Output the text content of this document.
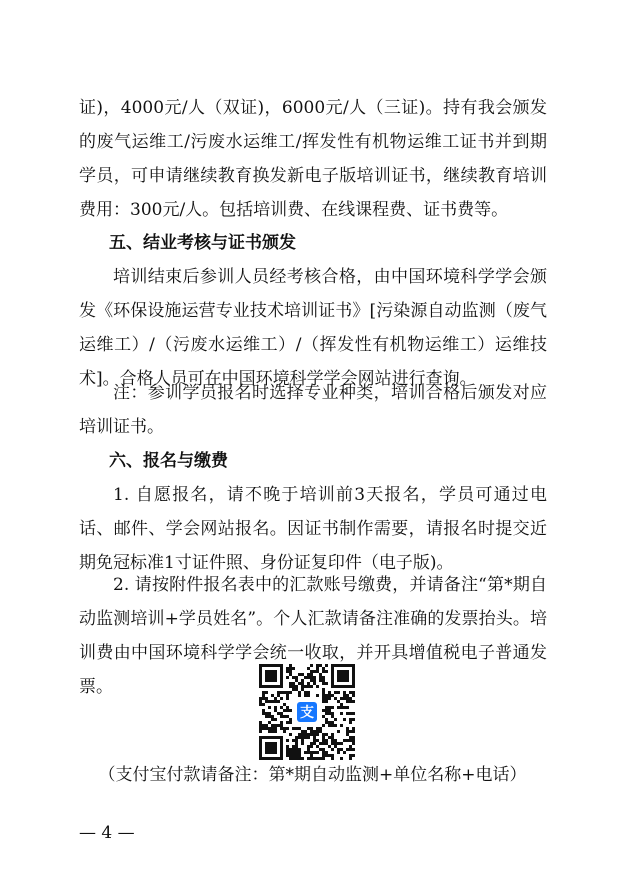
证)，4000元/人（双证)，6000元/人（三证)。持有我会颁发的废气运维工/污废水运维工/挥发性有机物运维工证书并到期学员，可申请继续教育换发新电子版培训证书，继续教育培训费用：300元/人。包括培训费、在线课程费、证书费等。

五、结业考核与证书颁发

培训结束后参训人员经考核合格，由中国环境科学学会颁发《环保设施运营专业技术培训证书》[污染源自动监测（废气运维工）/（污废水运维工）/（挥发性有机物运维工）运维技术]。合格人员可在中国环境科学学会网站进行查询。

注：参训学员报名时选择专业种类，培训合格后颁发对应培训证书。

六、报名与缴费

1. 自愿报名，请不晚于培训前3天报名，学员可通过电话、邮件、学会网站报名。因证书制作需要，请报名时提交近期免冠标准1寸证件照、身份证复印件（电子版)。

2. 请按附件报名表中的汇款账号缴费，并请备注“第*期自动监测培训+学员姓名”。个人汇款请备注准确的发票抬头。培训费由中国环境科学学会统一收取，并开具增值税电子普通发票。

支
（支付宝付款请备注：第*期自动监测+单位名称+电话）
— 4 —
